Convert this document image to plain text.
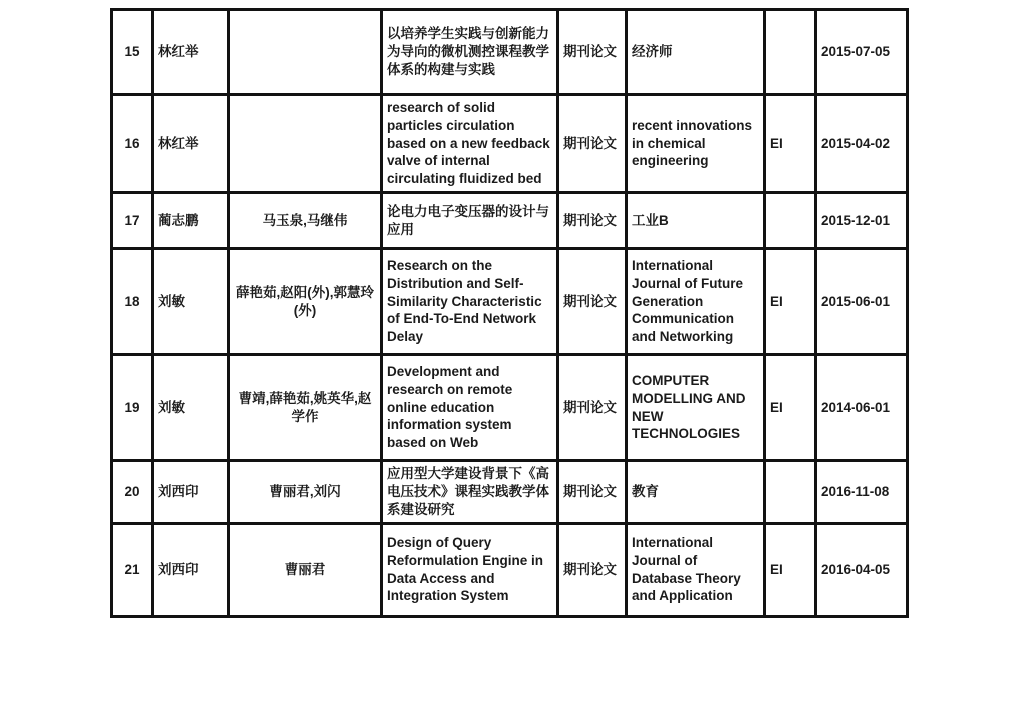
15	林红举		以培养学生实践与创新能力为导向的微机测控课程教学体系的构建与实践	期刊论文	经济师		2015-07-05
16	林红举		research of solid particles circulation based on a new feedback valve of internal circulating fluidized bed	期刊论文	recent innovations in chemical engineering	EI	2015-04-02
17	蔺志鹏	马玉泉,马继伟	论电力电子变压器的设计与应用	期刊论文	工业B		2015-12-01
18	刘敏	薛艳茹,赵阳(外),郭慧玲(外)	Research on the Distribution and Self-Similarity Characteristic of End-To-End Network Delay	期刊论文	International Journal of Future Generation Communication and Networking	EI	2015-06-01
19	刘敏	曹靖,薛艳茹,姚英华,赵学作	Development and research on remote online education information system based on Web	期刊论文	COMPUTER MODELLING AND NEW TECHNOLOGIES	EI	2014-06-01
20	刘西印	曹丽君,刘闪	应用型大学建设背景下《高电压技术》课程实践教学体系建设研究	期刊论文	教育		2016-11-08
21	刘西印	曹丽君	Design of Query Reformulation Engine in Data Access and Integration System	期刊论文	International Journal of Database Theory and Application	EI	2016-04-05
